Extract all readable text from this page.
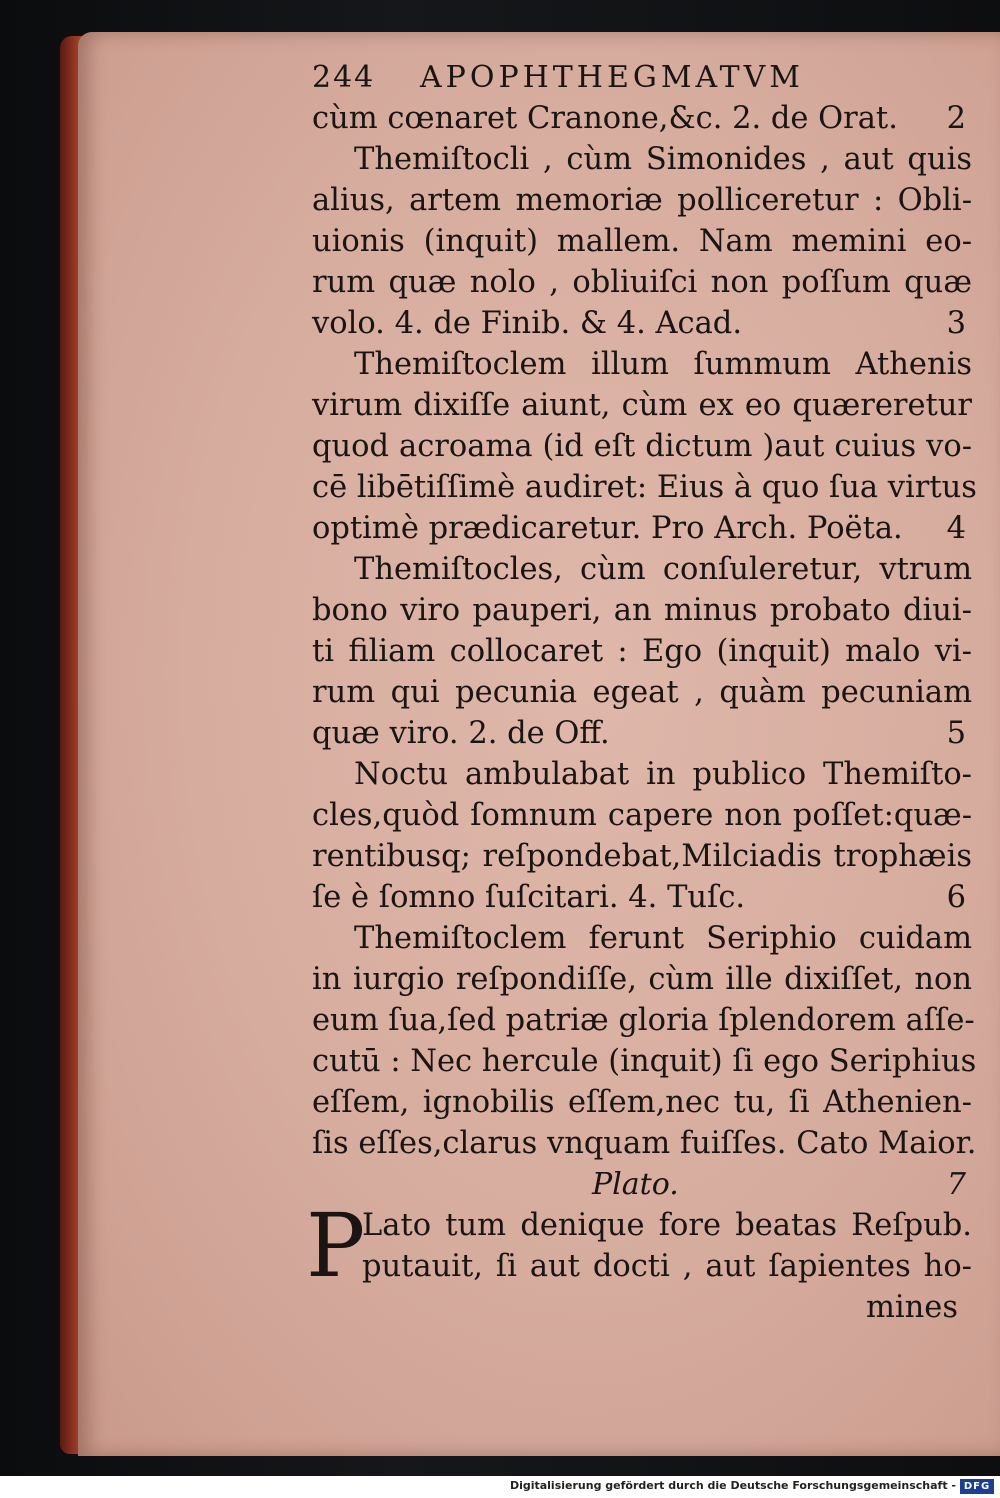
244 APOPHTHEGMATVM
cùm cœnaret Cranone,&c. 2. de Orat. 2
Themiſtocli , cùm Simonides , aut quis
alius, artem memoriæ polliceretur : Obli-
uionis (inquit) mallem. Nam memini eo-
rum quæ nolo , obliuiſci non poſſum quæ
volo. 4. de Finib. & 4. Acad.	3
Themiſtoclem illum ſummum Athenis
virum dixiſſe aiunt, cùm ex eo quæreretur
quod acroama (id eſt dictum )aut cuius vo-
cē libētiſſimè audiret: Eius à quo ſua virtus
optimè prædicaretur. Pro Arch. Poëta. 4
Themiſtocles, cùm conſuleretur, vtrum
bono viro pauperi, an minus probato diui-
ti filiam collocaret : Ego (inquit) malo vi-
rum qui pecunia egeat , quàm pecuniam
quæ viro. 2. de Off.	5
Noctu ambulabat in publico Themiſto-
cles,quòd ſomnum capere non poſſet:quæ-
rentibusq; reſpondebat,Milciadis trophæis
ſe è ſomno ſuſcitari. 4. Tuſc.	6
Themiſtoclem ferunt Seriphio cuidam
in iurgio reſpondiſſe, cùm ille dixiſſet, non
eum ſua,ſed patriæ gloria ſplendorem aſſe-
cutū : Nec hercule (inquit) ſi ego Seriphius
eſſem, ignobilis eſſem,nec tu, ſi Athenien-
ſis eſſes,clarus vnquam fuiſſes. Cato Maior.
Plato.	7
P
Lato tum denique fore beatas Reſpub.
putauit, ſi aut docti , aut ſapientes ho-
mines
Digitalisierung gefördert durch die Deutsche Forschungsgemeinschaft - DFG
